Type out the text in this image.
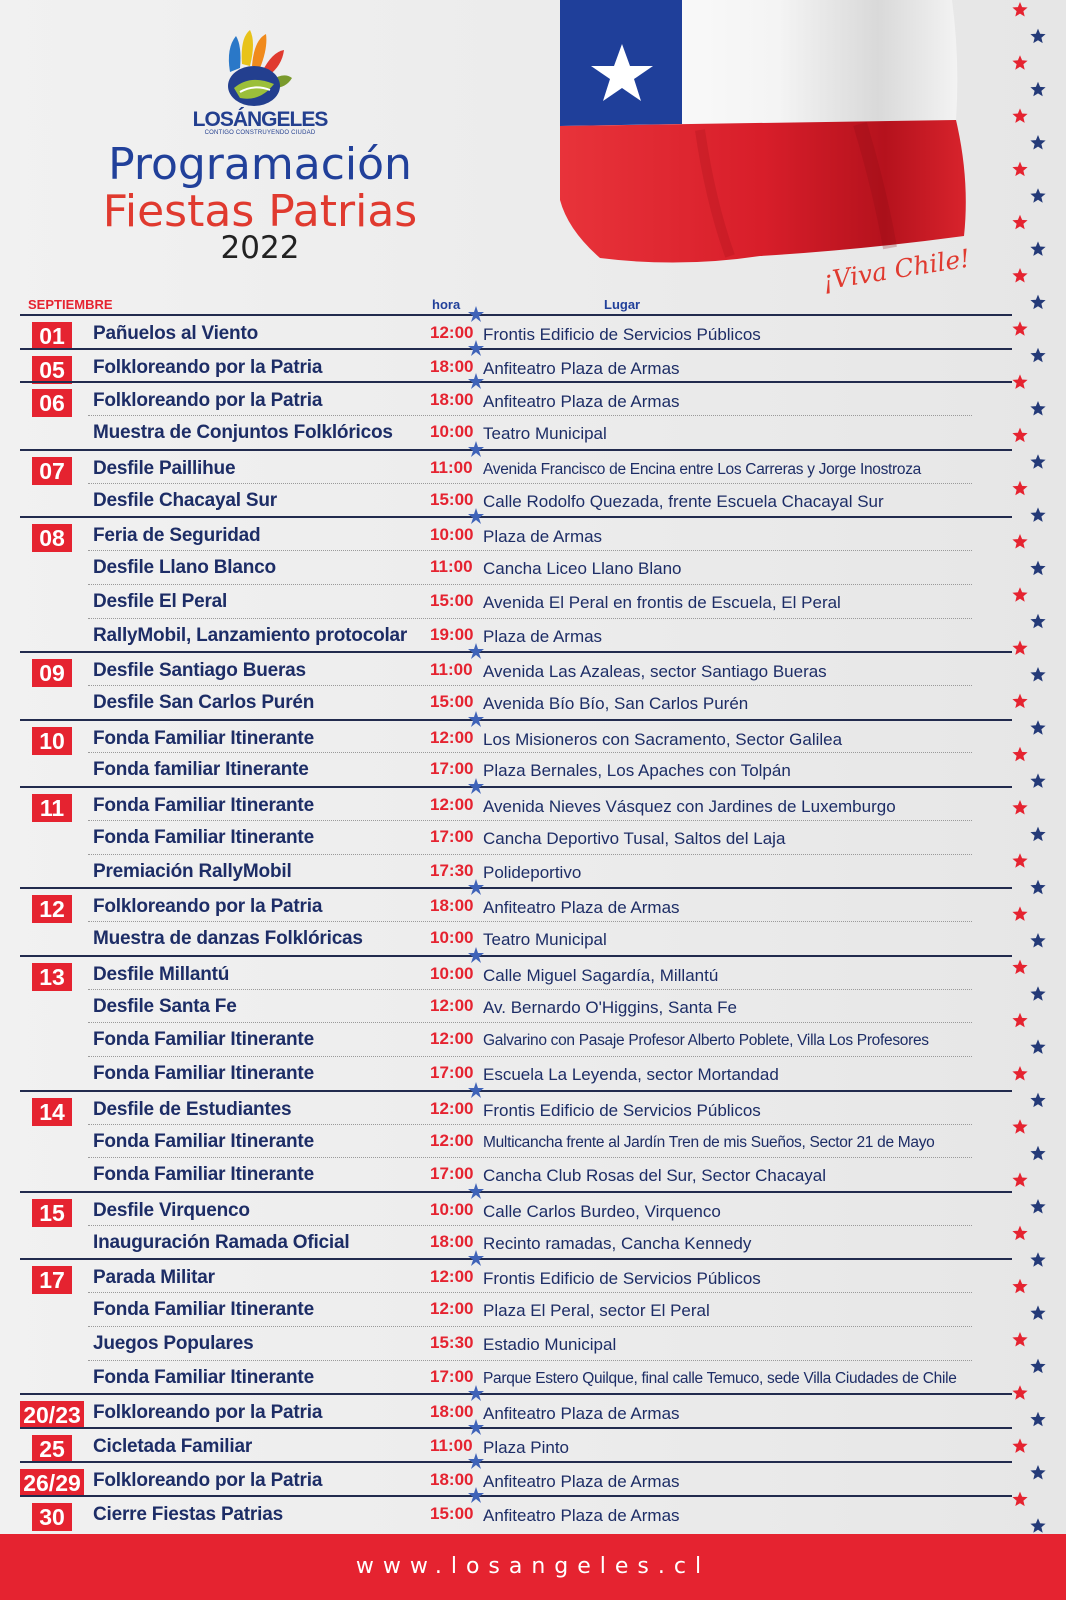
LOSÁNGELES
CONTIGO CONSTRUYENDO CIUDAD
Programación
Fiestas Patrias
2022	¡Viva Chile!
SEPTIEMBRE	hora	Lugar
01	Pañuelos al Viento	12:00 Frontis Edificio de Servicios Públicos
05	Folkloreando por la Patria	18:00 Anfiteatro Plaza de Armas
06	Folkloreando por la Patria	18:00 Anfiteatro Plaza de Armas
Muestra de Conjuntos Folklóricos 10:00 Teatro Municipal
07	Desfile Paillihue	11:00 Avenida Francisco de Encina entre Los Carreras y Jorge Inostroza
Desfile Chacayal Sur	15:00 Calle Rodolfo Quezada, frente Escuela Chacayal Sur
08	Feria de Seguridad	10:00 Plaza de Armas
Desfile Llano Blanco	11:00 Cancha Liceo Llano Blano
Desfile El Peral	15:00 Avenida El Peral en frontis de Escuela, El Peral
RallyMobil, Lanzamiento protocolar 19:00 Plaza de Armas
09	Desfile Santiago Bueras	11:00 Avenida Las Azaleas, sector Santiago Bueras
Desfile San Carlos Purén	15:00 Avenida Bío Bío, San Carlos Purén
10	Fonda Familiar Itinerante	12:00 Los Misioneros con Sacramento, Sector Galilea
Fonda familiar Itinerante	17:00 Plaza Bernales, Los Apaches con Tolpán
11	Fonda Familiar Itinerante	12:00 Avenida Nieves Vásquez con Jardines de Luxemburgo
Fonda Familiar Itinerante	17:00 Cancha Deportivo Tusal, Saltos del Laja
Premiación RallyMobil	17:30 Polideportivo
12	Folkloreando por la Patria	18:00 Anfiteatro Plaza de Armas
Muestra de danzas Folklóricas	10:00 Teatro Municipal
13	Desfile Millantú	10:00 Calle Miguel Sagardía, Millantú
Desfile Santa Fe	12:00 Av. Bernardo O'Higgins, Santa Fe
Fonda Familiar Itinerante	12:00 Galvarino con Pasaje Profesor Alberto Poblete, Villa Los Profesores
Fonda Familiar Itinerante	17:00 Escuela La Leyenda, sector Mortandad
14	Desfile de Estudiantes	12:00 Frontis Edificio de Servicios Públicos
Fonda Familiar Itinerante	12:00 Multicancha frente al Jardín Tren de mis Sueños, Sector 21 de Mayo
Fonda Familiar Itinerante	17:00 Cancha Club Rosas del Sur, Sector Chacayal
15	Desfile Virquenco	10:00 Calle Carlos Burdeo, Virquenco
Inauguración Ramada Oficial	18:00 Recinto ramadas, Cancha Kennedy
17	Parada Militar	12:00 Frontis Edificio de Servicios Públicos
Fonda Familiar Itinerante	12:00 Plaza El Peral, sector El Peral
Juegos Populares	15:30 Estadio Municipal
Fonda Familiar Itinerante	17:00 Parque Estero Quilque, final calle Temuco, sede Villa Ciudades de Chile
20/23 Folkloreando por la Patria	18:00 Anfiteatro Plaza de Armas
25	Cicletada Familiar	11:00 Plaza Pinto
26/29 Folkloreando por la Patria	18:00 Anfiteatro Plaza de Armas
30	Cierre Fiestas Patrias	15:00 Anfiteatro Plaza de Armas
www.losangeles.cl
